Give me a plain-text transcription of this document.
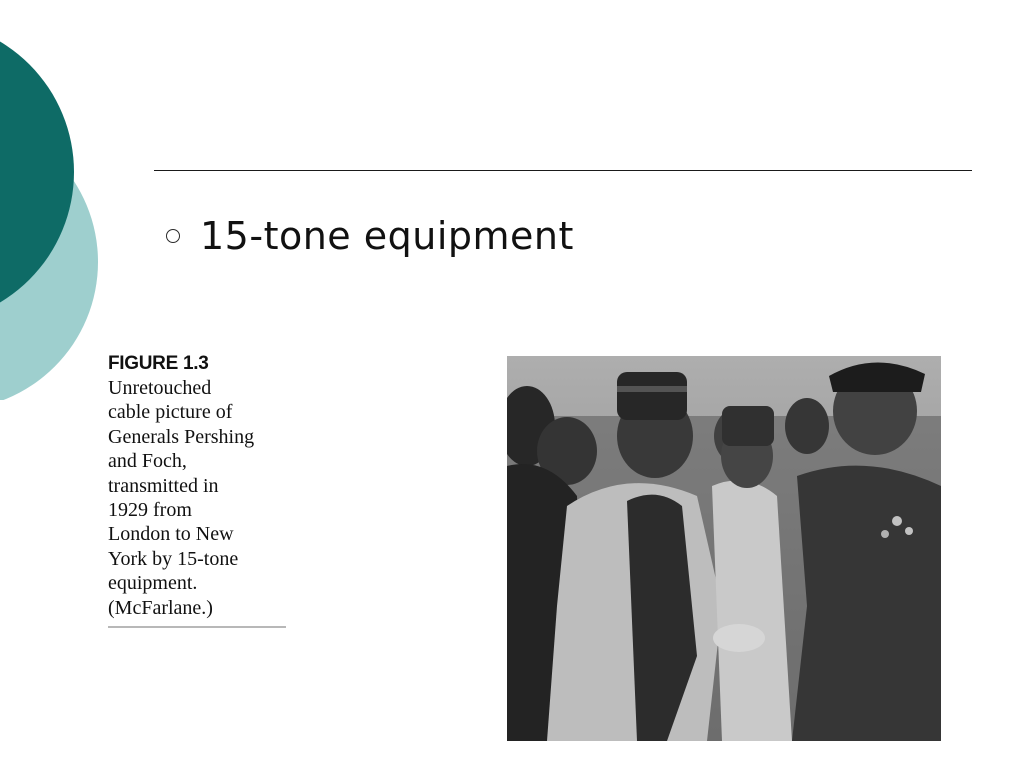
15-tone equipment
FIGURE 1.3
Unretouched
cable picture of
Generals Pershing
and Foch,
transmitted in
1929 from
London to New
York by 15-tone
equipment.
(McFarlane.)
